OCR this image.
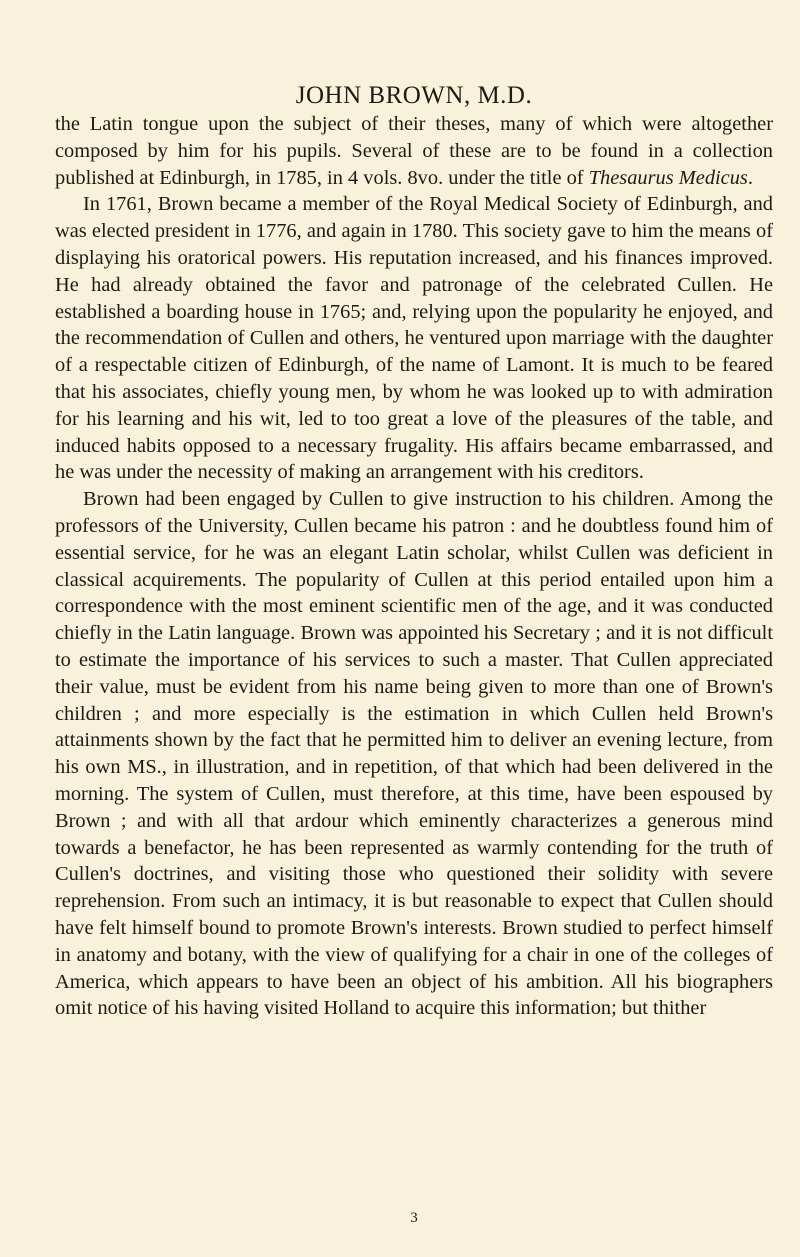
JOHN BROWN, M.D.

the Latin tongue upon the subject of their theses, many of which were altogether composed by him for his pupils. Several of these are to be found in a collection published at Edinburgh, in 1785, in 4 vols. 8vo. under the title of Thesaurus Medicus.

In 1761, Brown became a member of the Royal Medical Society of Edinburgh, and was elected president in 1776, and again in 1780. This society gave to him the means of displaying his oratorical powers. His reputation increased, and his finances improved. He had already obtained the favor and patronage of the celebrated Cullen. He established a boarding house in 1765; and, relying upon the popularity he enjoyed, and the recommendation of Cullen and others, he ventured upon marriage with the daughter of a respectable citizen of Edinburgh, of the name of Lamont. It is much to be feared that his associates, chiefly young men, by whom he was looked up to with admiration for his learning and his wit, led to too great a love of the pleasures of the table, and induced habits opposed to a necessary frugality. His affairs became embarrassed, and he was under the necessity of making an arrangement with his creditors.

Brown had been engaged by Cullen to give instruction to his children. Among the professors of the University, Cullen became his patron : and he doubtless found him of essential service, for he was an elegant Latin scholar, whilst Cullen was deficient in classical acquirements. The popularity of Cullen at this period entailed upon him a correspondence with the most eminent scientific men of the age, and it was conducted chiefly in the Latin language. Brown was appointed his Secretary ; and it is not difficult to estimate the importance of his services to such a master. That Cullen appreciated their value, must be evident from his name being given to more than one of Brown's children ; and more especially is the estimation in which Cullen held Brown's attainments shown by the fact that he permitted him to deliver an evening lecture, from his own MS., in illustration, and in repetition, of that which had been delivered in the morning. The system of Cullen, must therefore, at this time, have been espoused by Brown ; and with all that ardour which eminently characterizes a generous mind towards a benefactor, he has been represented as warmly contending for the truth of Cullen's doctrines, and visiting those who questioned their solidity with severe reprehension. From such an intimacy, it is but reasonable to expect that Cullen should have felt himself bound to promote Brown's interests. Brown studied to perfect himself in anatomy and botany, with the view of qualifying for a chair in one of the colleges of America, which appears to have been an object of his ambition. All his biographers omit notice of his having visited Holland to acquire this information; but thither

3
